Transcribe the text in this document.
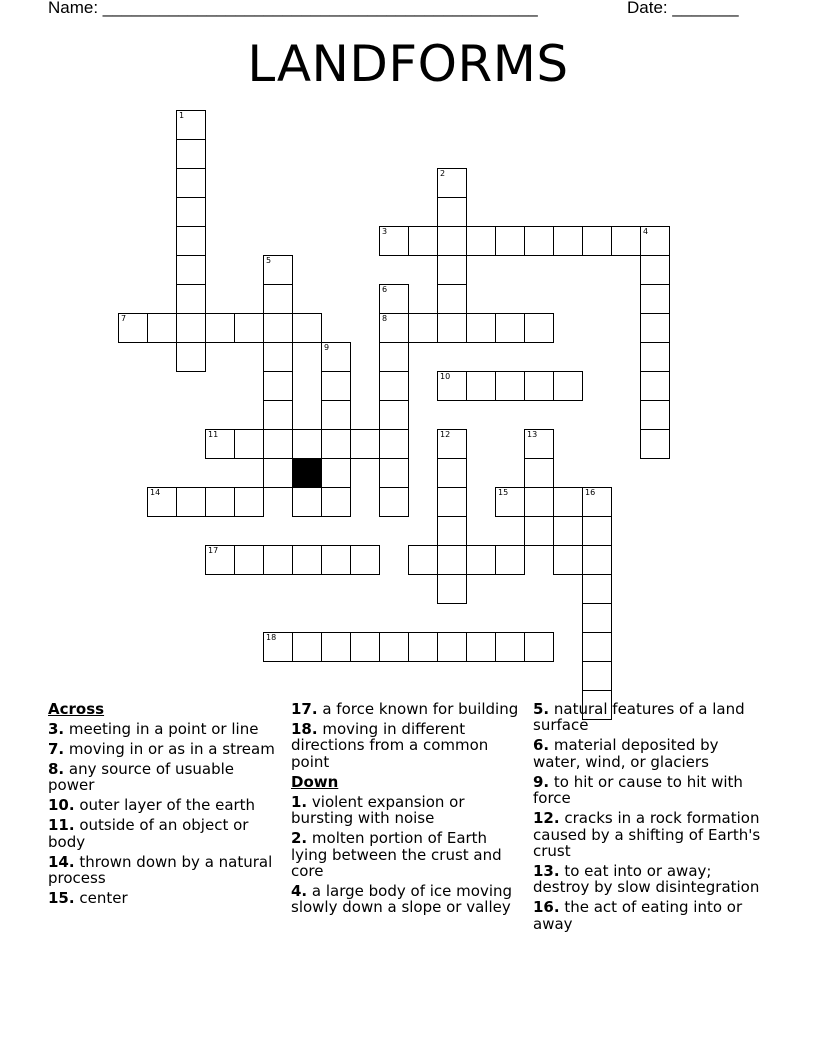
Name: ______________________________________________	Date: _______
LANDFORMS
1
2
3	4
5
6
8
7
9
10
11	12	13
14	15	16
17
18
Across
3. meeting in a point or line
7. moving in or as in a stream
8. any source of usuable power
10. outer layer of the earth
11. outside of an object or body
14. thrown down by a natural process
15. center
17. a force known for building
18. moving in different directions from a common point
Down
1. violent expansion or bursting with noise
2. molten portion of Earth lying between the crust and core
4. a large body of ice moving slowly down a slope or valley
5. natural features of a land surface
6. material deposited by water, wind, or glaciers
9. to hit or cause to hit with force
12. cracks in a rock formation caused by a shifting of Earth's crust
13. to eat into or away; destroy by slow disintegration
16. the act of eating into or away
